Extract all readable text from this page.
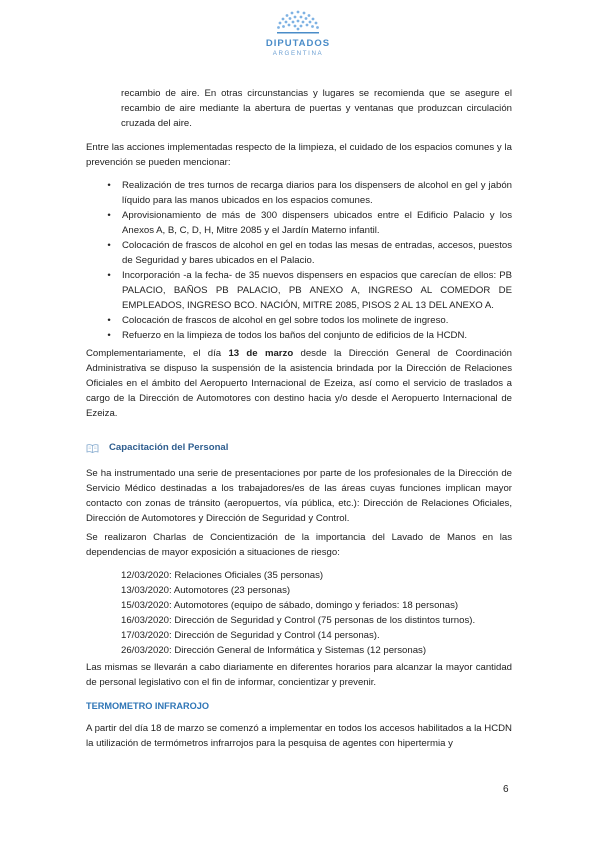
DIPUTADOS
ARGENTINA

recambio de aire. En otras circunstancias y lugares se recomienda que se asegure el recambio de aire mediante la abertura de puertas y ventanas que produzcan circulación cruzada del aire.

Entre las acciones implementadas respecto de la limpieza, el cuidado de los espacios comunes y la prevención se pueden mencionar:

•	Realización de tres turnos de recarga diarios para los dispensers de alcohol en gel y jabón líquido para las manos ubicados en los espacios comunes.

•	Aprovisionamiento de más de 300 dispensers ubicados entre el Edificio Palacio y los Anexos A, B, C, D, H, Mitre 2085 y el Jardín Materno infantil.

•	Colocación de frascos de alcohol en gel en todas las mesas de entradas, accesos, puestos de Seguridad y bares ubicados en el Palacio.

•	Incorporación -a la fecha- de 35 nuevos dispensers en espacios que carecían de ellos: PB PALACIO, BAÑOS PB PALACIO, PB ANEXO A, INGRESO AL COMEDOR DE EMPLEADOS, INGRESO BCO. NACIÓN, MITRE 2085, PISOS 2 AL 13 DEL ANEXO A.

•	Colocación de frascos de alcohol en gel sobre todos los molinete de ingreso.

•	Refuerzo en la limpieza de todos los baños del conjunto de edificios de la HCDN.

Complementariamente, el día 13 de marzo desde la Dirección General de Coordinación Administrativa se dispuso la suspensión de la asistencia brindada por la Dirección de Relaciones Oficiales en el ámbito del Aeropuerto Internacional de Ezeiza, así como el servicio de traslados a cargo de la Dirección de Automotores con destino hacia y/o desde el Aeropuerto Internacional de Ezeiza.

Capacitación del Personal

Se ha instrumentado una serie de presentaciones por parte de los profesionales de la Dirección de Servicio Médico destinadas a los trabajadores/es de las áreas cuyas funciones implican mayor contacto con zonas de tránsito (aeropuertos, vía pública, etc.): Dirección de Relaciones Oficiales, Dirección de Automotores y Dirección de Seguridad y Control.

Se realizaron Charlas de Concientización de la importancia del Lavado de Manos en las dependencias de mayor exposición a situaciones de riesgo:

12/03/2020: Relaciones Oficiales (35 personas)
13/03/2020: Automotores (23 personas)
15/03/2020: Automotores (equipo de sábado, domingo y feriados: 18 personas)
16/03/2020: Dirección de Seguridad y Control (75 personas de los distintos turnos).
17/03/2020: Dirección de Seguridad y Control (14 personas).
26/03/2020: Dirección General de Informática y Sistemas (12 personas)

Las mismas se llevarán a cabo diariamente en diferentes horarios para alcanzar la mayor cantidad de personal legislativo con el fin de informar, concientizar y prevenir.

TERMOMETRO INFRAROJO

A partir del día 18 de marzo se comenzó a implementar en todos los accesos habilitados a la HCDN la utilización de termómetros infrarrojos para la pesquisa de agentes con hipertermia y

6
